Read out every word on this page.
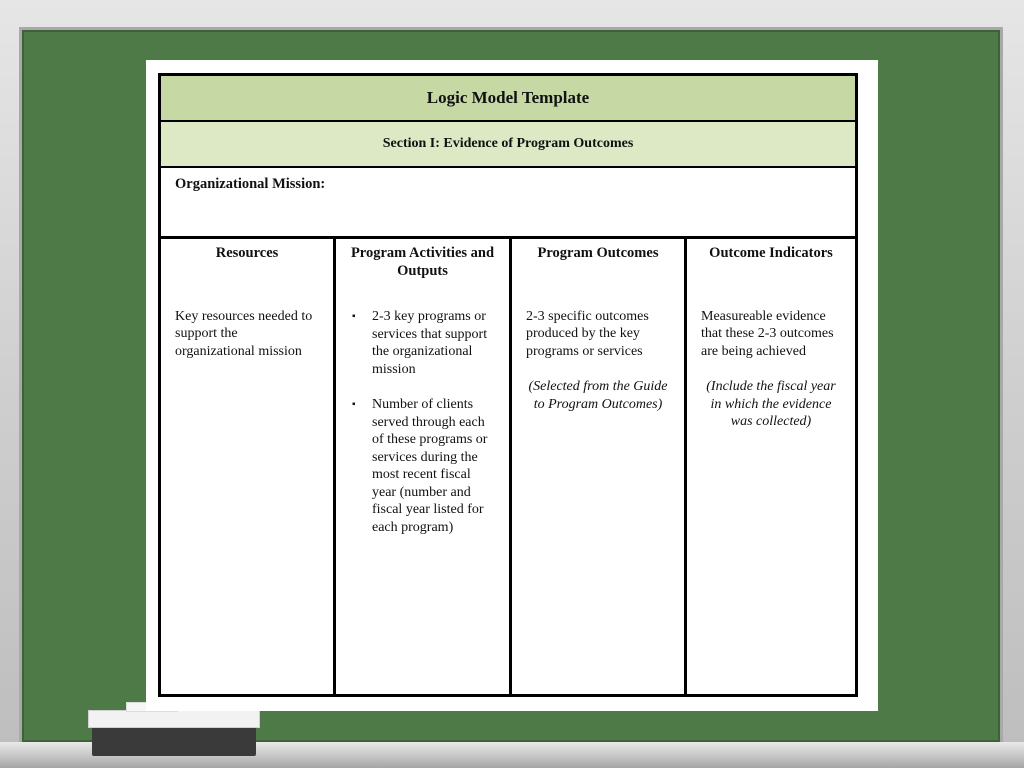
Logic Model Template
Section I: Evidence of Program Outcomes
Organizational Mission:
Resources
Key resources needed to support the organizational mission
Program Activities and Outputs
▪ 2-3 key programs or services that support the organizational mission
▪ Number of clients served through each of these programs or services during the most recent fiscal year (number and fiscal year listed for each program)
Program Outcomes
2-3 specific outcomes produced by the key programs or services
(Selected from the Guide to Program Outcomes)
Outcome Indicators
Measureable evidence that these 2-3 outcomes are being achieved
(Include the fiscal year in which the evidence was collected)
